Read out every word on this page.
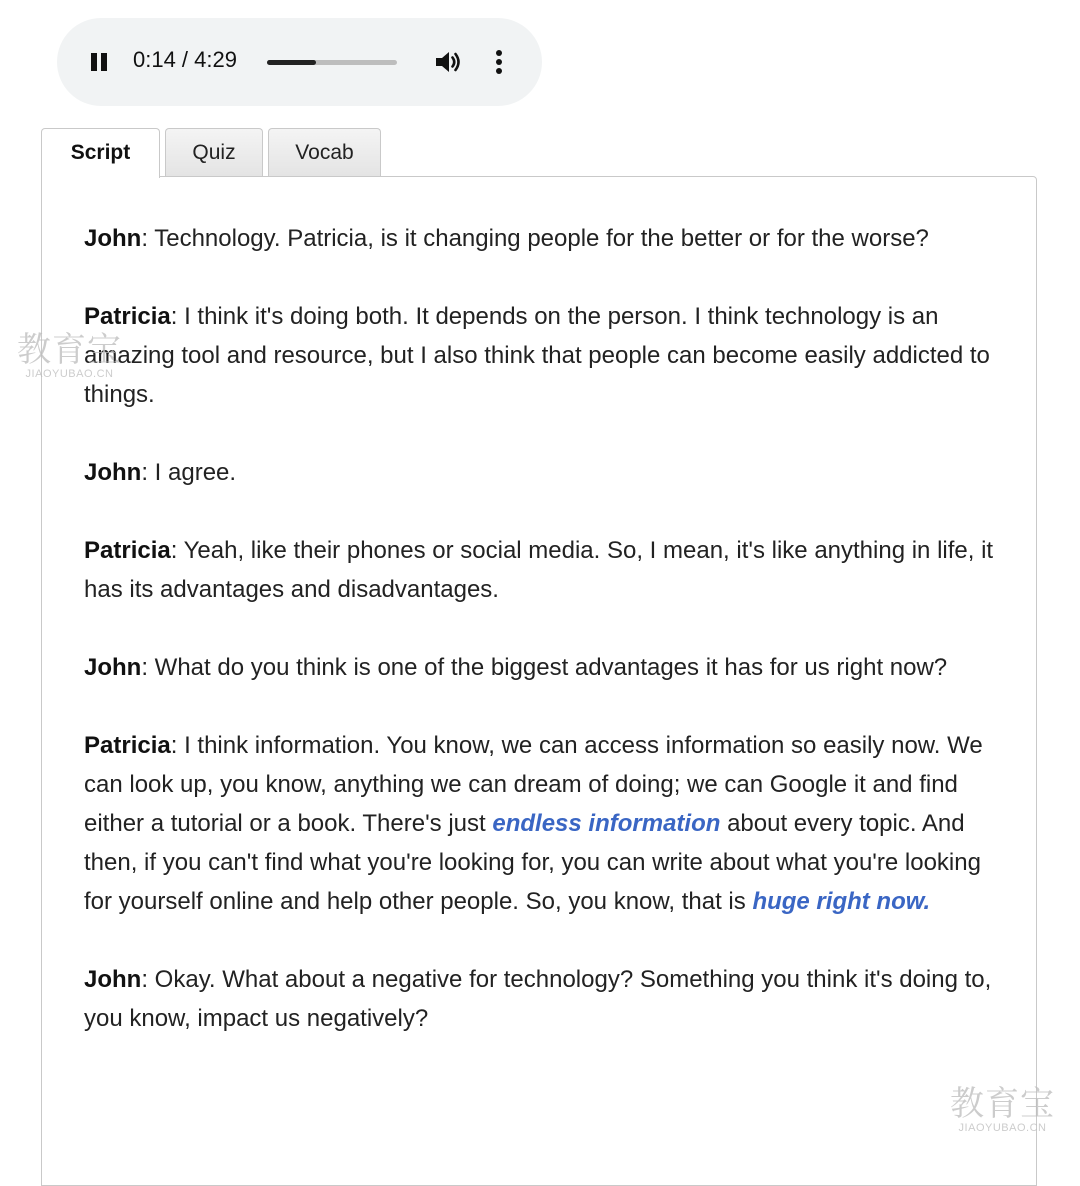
0:14 / 4:29
Script	Quiz	Vocab

John: Technology. Patricia, is it changing people for the better or for the worse?

Patricia: I think it's doing both. It depends on the person. I think technology is an amazing tool and resource, but I also think that people can become easily addicted to things.

John: I agree.

Patricia: Yeah, like their phones or social media. So, I mean, it's like anything in life, it has its advantages and disadvantages.

John: What do you think is one of the biggest advantages it has for us right now?

Patricia: I think information. You know, we can access information so easily now. We can look up, you know, anything we can dream of doing; we can Google it and find either a tutorial or a book. There's just endless information about every topic. And then, if you can't find what you're looking for, you can write about what you're looking for yourself online and help other people. So, you know, that is huge right now.

John: Okay. What about a negative for technology? Something you think it's doing to, you know, impact us negatively?

教育宝
JIAOYUBAO.CN
教育宝
JIAOYUBAO.CN
